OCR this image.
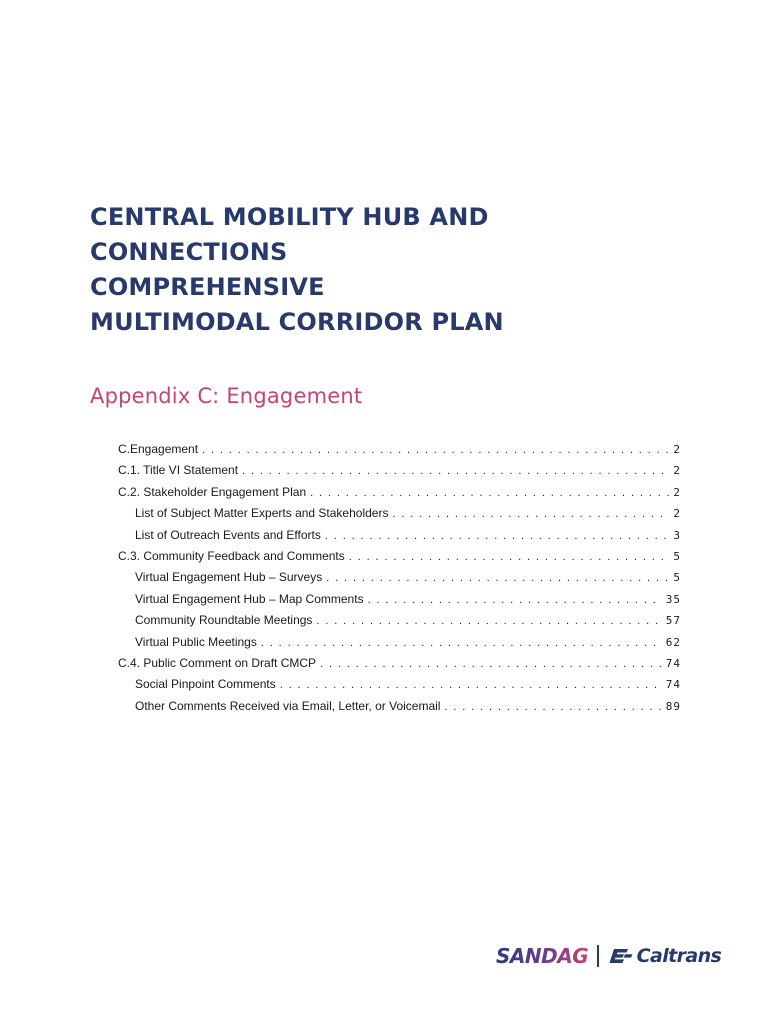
CENTRAL MOBILITY HUB AND
CONNECTIONS
COMPREHENSIVE
MULTIMODAL CORRIDOR PLAN
Appendix C: Engagement
C.Engagement . . .	2
C.1. Title VI Statement . . .	2
C.2. Stakeholder Engagement Plan . . .	2
List of Subject Matter Experts and Stakeholders . . .	2
List of Outreach Events and Efforts . . .	3
C.3. Community Feedback and Comments . . .	5
Virtual Engagement Hub – Surveys . . .	5
Virtual Engagement Hub – Map Comments . . .	35
Community Roundtable Meetings . . .	57
Virtual Public Meetings . . .	62
C.4. Public Comment on Draft CMCP . . .	74
Social Pinpoint Comments . . .	74
Other Comments Received via Email, Letter, or Voicemail . . .	89
SANDAG	Caltrans
